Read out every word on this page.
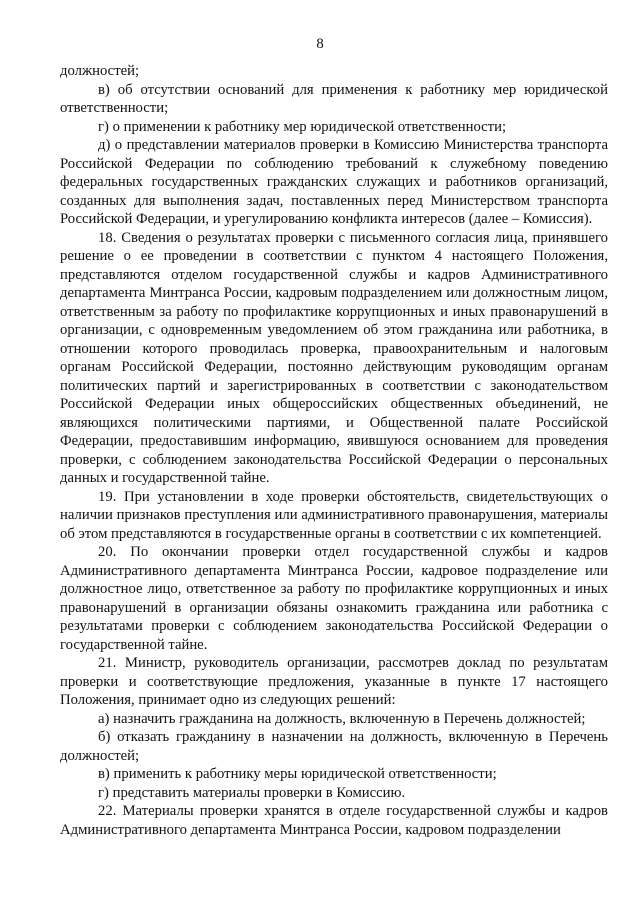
8

должностей;

в) об отсутствии оснований для применения к работнику мер юридической ответственности;

г) о применении к работнику мер юридической ответственности;

д) о представлении материалов проверки в Комиссию Министерства транспорта Российской Федерации по соблюдению требований к служебному поведению федеральных государственных гражданских служащих и работников организаций, созданных для выполнения задач, поставленных перед Министерством транспорта Российской Федерации, и урегулированию конфликта интересов (далее – Комиссия).

18. Сведения о результатах проверки с письменного согласия лица, принявшего решение о ее проведении в соответствии с пунктом 4 настоящего Положения, представляются отделом государственной службы и кадров Административного департамента Минтранса России, кадровым подразделением или должностным лицом, ответственным за работу по профилактике коррупционных и иных правонарушений в организации, с одновременным уведомлением об этом гражданина или работника, в отношении которого проводилась проверка, правоохранительным и налоговым органам Российской Федерации, постоянно действующим руководящим органам политических партий и зарегистрированных в соответствии с законодательством Российской Федерации иных общероссийских общественных объединений, не являющихся политическими партиями, и Общественной палате Российской Федерации, предоставившим информацию, явившуюся основанием для проведения проверки, с соблюдением законодательства Российской Федерации о персональных данных и государственной тайне.

19. При установлении в ходе проверки обстоятельств, свидетельствующих о наличии признаков преступления или административного правонарушения, материалы об этом представляются в государственные органы в соответствии с их компетенцией.

20. По окончании проверки отдел государственной службы и кадров Административного департамента Минтранса России, кадровое подразделение или должностное лицо, ответственное за работу по профилактике коррупционных и иных правонарушений в организации обязаны ознакомить гражданина или работника с результатами проверки с соблюдением законодательства Российской Федерации о государственной тайне.

21. Министр, руководитель организации, рассмотрев доклад по результатам проверки и соответствующие предложения, указанные в пункте 17 настоящего Положения, принимает одно из следующих решений:

а) назначить гражданина на должность, включенную в Перечень должностей;

б) отказать гражданину в назначении на должность, включенную в Перечень должностей;

в) применить к работнику меры юридической ответственности;

г) представить материалы проверки в Комиссию.

22. Материалы проверки хранятся в отделе государственной службы и кадров Административного департамента Минтранса России, кадровом подразделении
